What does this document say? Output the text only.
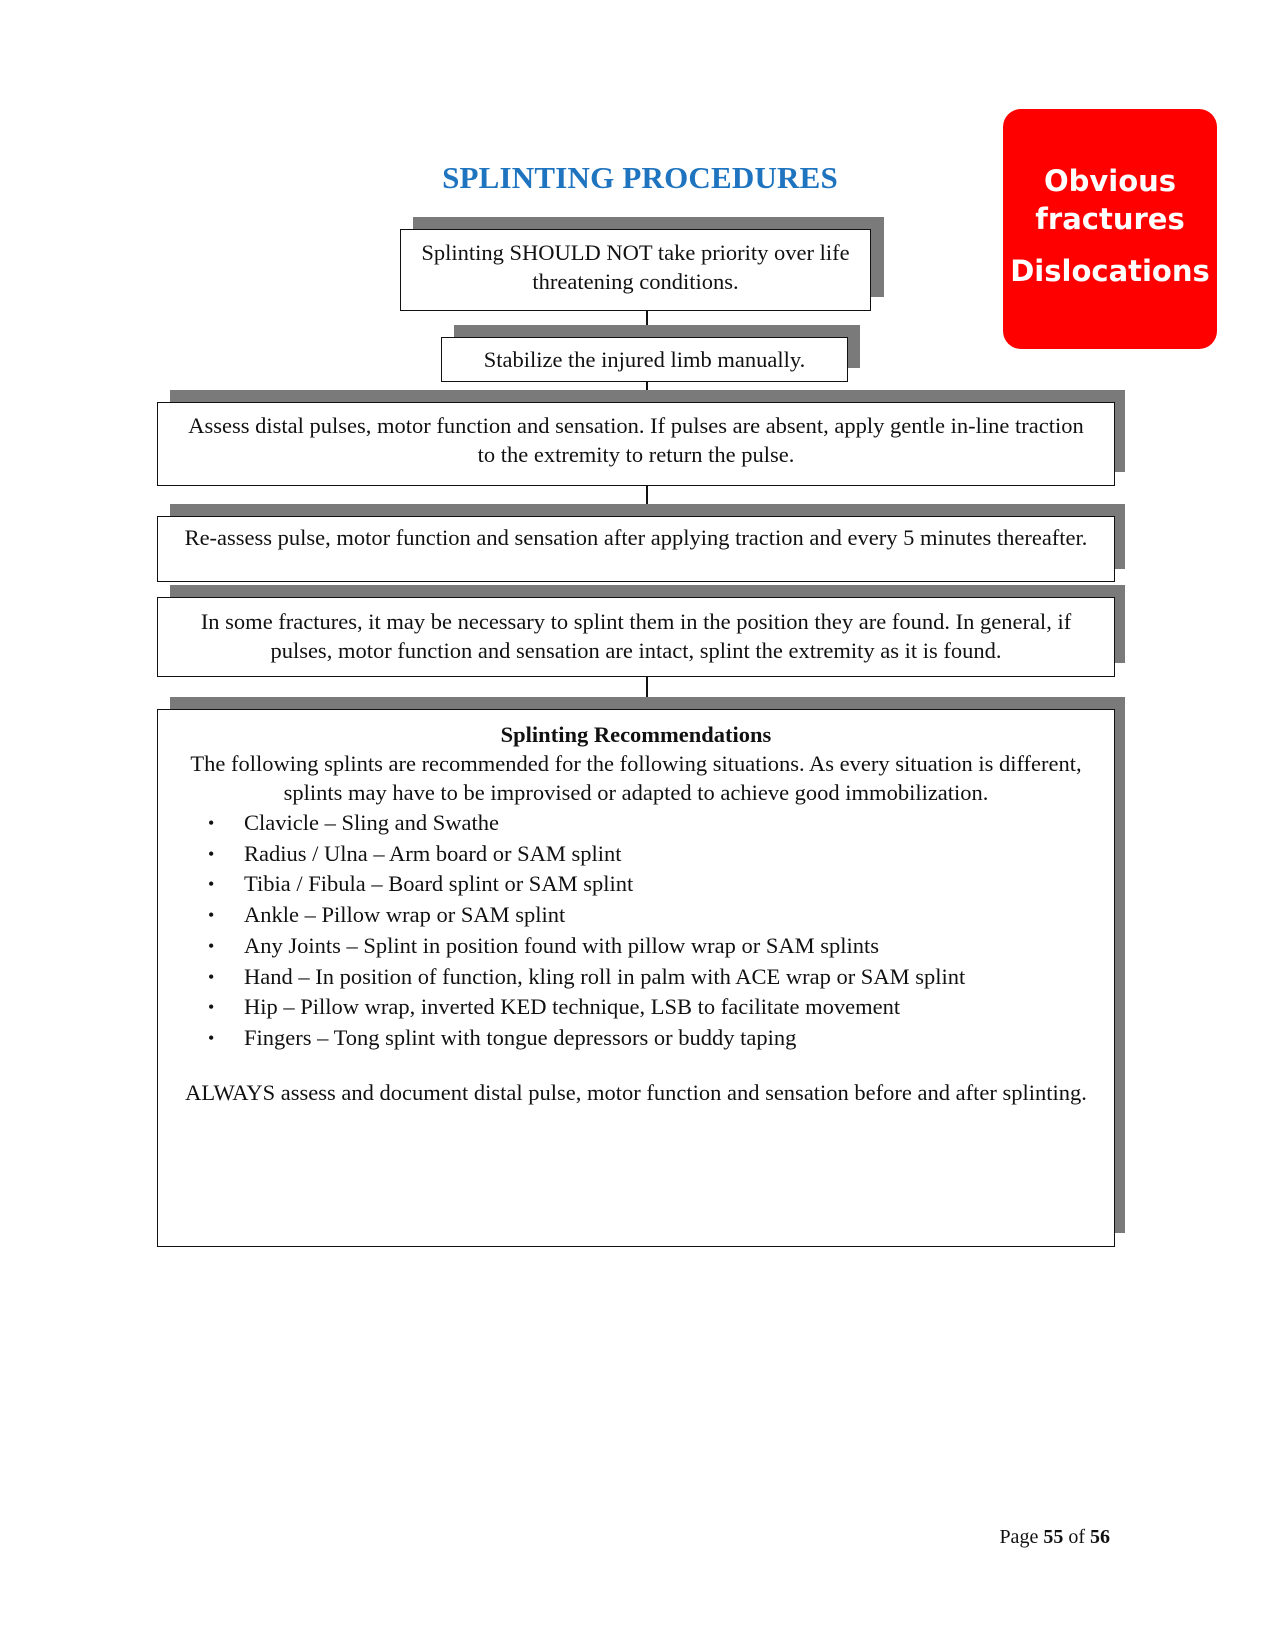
SPLINTING PROCEDURES	Obvious
fractures
Dislocations
Splinting SHOULD NOT take priority over life threatening conditions.
Stabilize the injured limb manually.
Assess distal pulses, motor function and sensation. If pulses are absent, apply gentle in-line traction to the extremity to return the pulse.
Re-assess pulse, motor function and sensation after applying traction and every 5 minutes thereafter.
In some fractures, it may be necessary to splint them in the position they are found. In general, if pulses, motor function and sensation are intact, splint the extremity as it is found.
Splinting Recommendations
The following splints are recommended for the following situations. As every situation is different, splints may have to be improvised or adapted to achieve good immobilization.
• Clavicle – Sling and Swathe
• Radius / Ulna – Arm board or SAM splint
• Tibia / Fibula – Board splint or SAM splint
• Ankle – Pillow wrap or SAM splint
• Any Joints – Splint in position found with pillow wrap or SAM splints
• Hand – In position of function, kling roll in palm with ACE wrap or SAM splint
• Hip – Pillow wrap, inverted KED technique, LSB to facilitate movement
• Fingers – Tong splint with tongue depressors or buddy taping
ALWAYS assess and document distal pulse, motor function and sensation before and after splinting.
Page 55 of 56
